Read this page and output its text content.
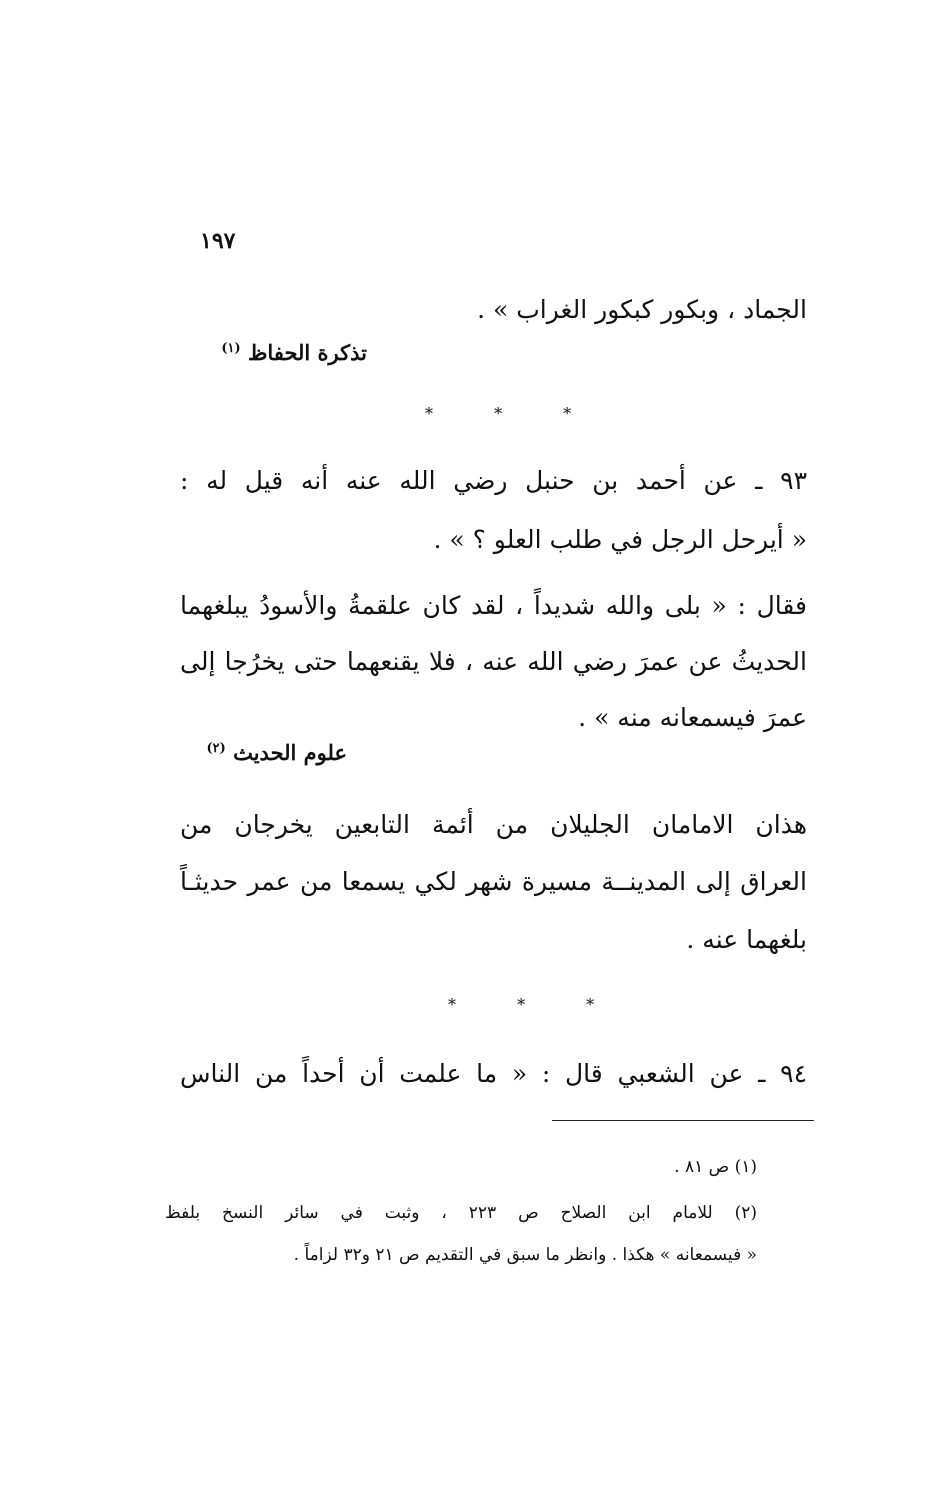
١٩٧
الجماد ، وبكور كبكور الغراب » .
تذكرة الحفاظ $^{(١)}$
* * *
٩٣ ـ عن أحمد بن حنبل رضي الله عنه أنه قيل له :
« أيرحل الرجل في طلب العلو ؟ » .
فقال : « بلى والله شديداً ، لقد كان علقمةُ والأسودُ يبلغهما
الحديثُ عن عمرَ رضي الله عنه ، فلا يقنعهما حتى يخرُجا إلى
عمرَ فيسمعانه منه » .
علوم الحديث $^{(٢)}$
هذان الامامان الجليلان من أئمة التابعين يخرجان من
العراق إلى المدينــة مسيرة شهر لكي يسمعا من عمر حديثـاً
بلغهما عنه .
* * *
٩٤ ـ عن الشعبي قال : « ما علمت أن أحداً من الناس
(١) ص ٨١ .
(٢) للامام ابن الصلاح ص ٢٢٣ ، وثبت في سائر النسخ بلفظ
« فيسمعانه » هكذا . وانظر ما سبق في التقديم ص ٢١ و٣٢ لزاماً .
